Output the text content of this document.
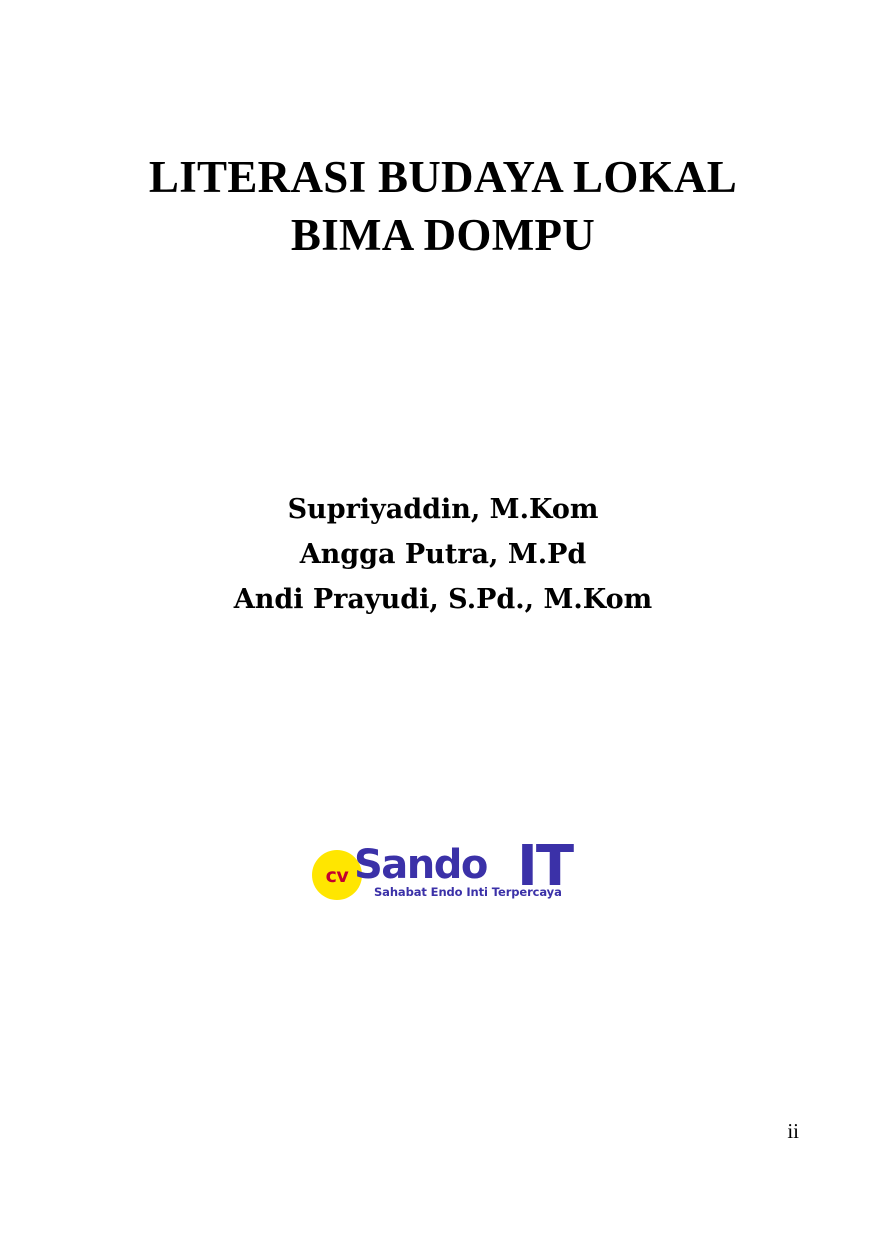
LITERASI BUDAYA LOKAL
BIMA DOMPU
Supriyaddin, M.Kom
Angga Putra, M.Pd
Andi Prayudi, S.Pd., M.Kom
cv Sando IT
Sahabat Endo Inti Terpercaya
ii
